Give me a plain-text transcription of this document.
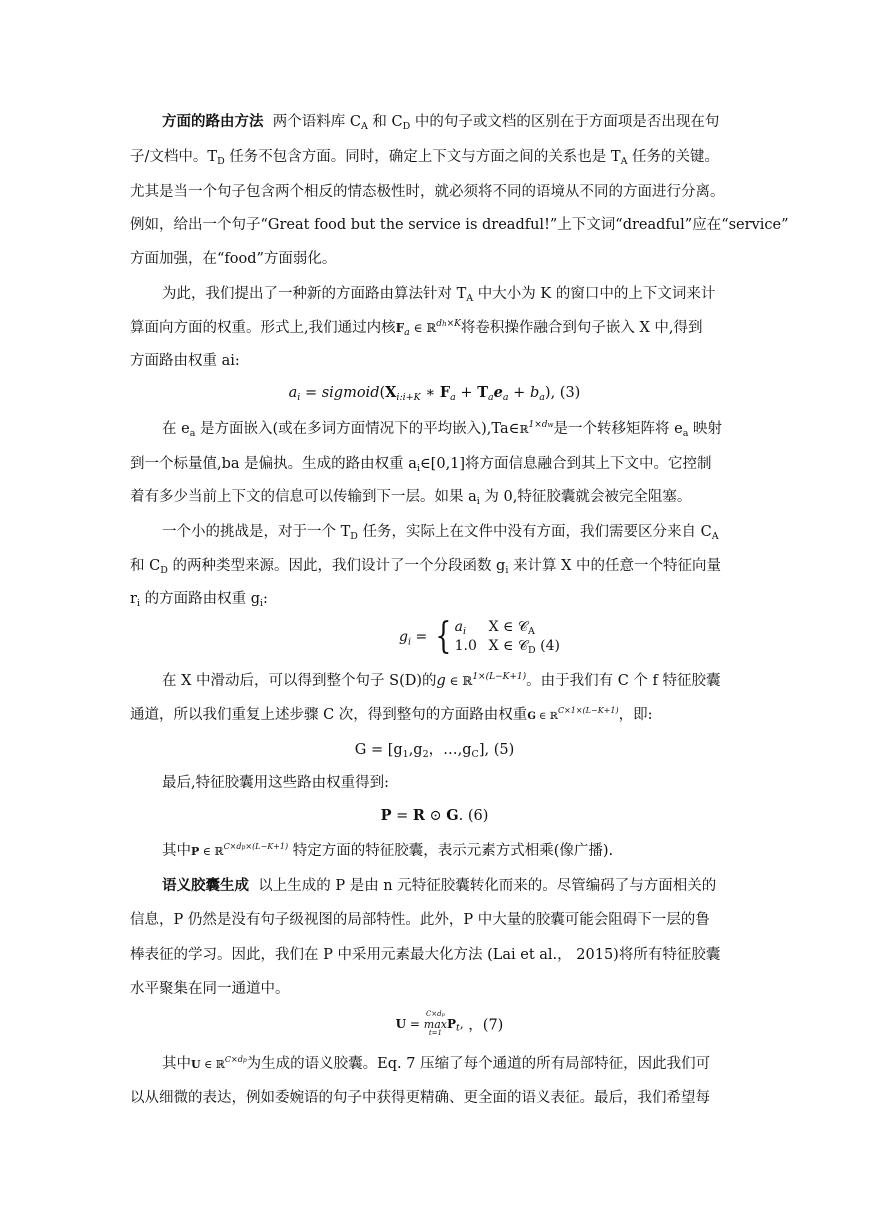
方面的路由方法 两个语料库 $C_A$ 和 $C_D$ 中的句子或文档的区别在于方面项是否出现在句
子/文档中。$T_D$ 任务不包含方面。同时，确定上下文与方面之间的关系也是 $T_A$ 任务的关键。
尤其是当一个句子包含两个相反的情态极性时，就必须将不同的语境从不同的方面进行分离。
例如，给出一个句子“Great food but the service is dreadful!”上下文词“dreadful”应在“service”
方面加强，在“food”方面弱化。
为此，我们提出了一种新的方面路由算法针对 $T_A$ 中大小为 K 的窗口中的上下文词来计
算面向方面的权重。形式上,我们通过内核$F_a$ ∈ ℝ$^{dh\times K}$将卷积操作融合到句子嵌入 X 中,得到
方面路由权重 ai:
$a_i$ = $sigmoid(X_{i:i+K}$ ∗ $F_a + T_ae_a + b_a$), (3)
在 $e_a$ 是方面嵌入(或在多词方面情况下的平均嵌入),Ta∈ℝ$^{1\times dw}$是一个转移矩阵将 $e_a$ 映射
到一个标量值,ba 是偏执。生成的路由权重 $a_i\in[0,1]$将方面信息融合到其上下文中。它控制
着有多少当前上下文的信息可以传输到下一层。如果 $a_i$ 为 0,特征胶囊就会被完全阻塞。
一个小的挑战是，对于一个 $T_D$ 任务，实际上在文件中没有方面，我们需要区分来自 $C_A$
和 $C_D$ 的两种类型来源。因此，我们设计了一个分段函数 $g_i$ 来计算 X 中的任意一个特征向量
$r_i$ 的方面路由权重 $g_i$:
$g_i$ = { $a_i$ X ∈ 𝒞$_A$
1.0 X ∈ 𝒞$_D$ (4)
在 X 中滑动后，可以得到整个句子 S(D)的g ∈ ℝ$^{1\times(L-K+1)}$。由于我们有 C 个 f 特征胶囊
通道，所以我们重复上述步骤 C 次，得到整句的方面路由权重G ∈ ℝ$^{C\times 1\times(L-K+1)}$，即:
$G = [g_1,g_2$，$\dots,g_C$], (5)
最后,特征胶囊用这些路由权重得到:
P = R ⊙ G. (6)
其中P ∈ ℝ$^{C\times dp\times(L-K+1)}$ 特定方面的特征胶囊，表示元素方式相乘(像广播).
语义胶囊生成 以上生成的 P 是由 n 元特征胶囊转化而来的。尽管编码了与方面相关的
信息，P 仍然是没有句子级视图的局部特性。此外，P 中大量的胶囊可能会阻碍下一层的鲁
棒表征的学习。因此，我们在 P 中采用元素最大化方法 (Lai et al.， 2015)将所有特征胶囊
水平聚集在同一通道中。
U =
C×dp
max
t=1
$P_t$, ，(7)
其中U ∈ ℝ$^{C\times dp}$为生成的语义胶囊。Eq. 7 压缩了每个通道的所有局部特征，因此我们可
以从细微的表达，例如委婉语的句子中获得更精确、更全面的语义表征。最后，我们希望每
